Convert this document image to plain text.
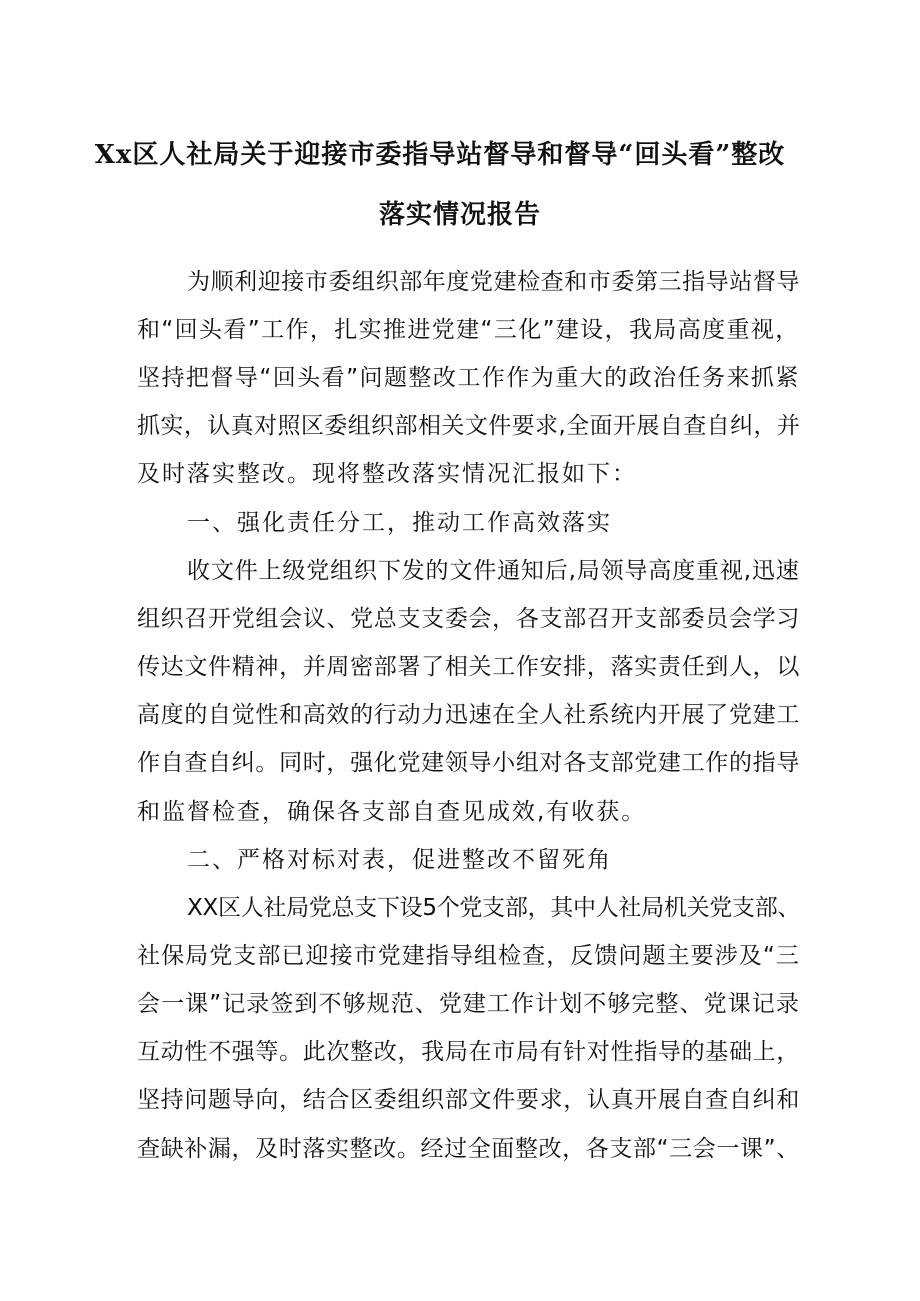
Xx区人社局关于迎接市委指导站督导和督导“回头看”整改
落实情况报告
为顺利迎接市委组织部年度党建检查和市委第三指导站督导
和“回头看”工作，扎实推进党建“三化”建设，我局高度重视，
坚持把督导“回头看”问题整改工作作为重大的政治任务来抓紧
抓实，认真对照区委组织部相关文件要求,全面开展自查自纠，并
及时落实整改。现将整改落实情况汇报如下：
一、强化责任分工，推动工作高效落实
收文件上级党组织下发的文件通知后,局领导高度重视,迅速
组织召开党组会议、党总支支委会，各支部召开支部委员会学习
传达文件精神，并周密部署了相关工作安排，落实责任到人，以
高度的自觉性和高效的行动力迅速在全人社系统内开展了党建工
作自查自纠。同时，强化党建领导小组对各支部党建工作的指导
和监督检查，确保各支部自查见成效,有收获。
二、严格对标对表，促进整改不留死角
XX区人社局党总支下设5个党支部，其中人社局机关党支部、
社保局党支部已迎接市党建指导组检查，反馈问题主要涉及“三
会一课”记录签到不够规范、党建工作计划不够完整、党课记录
互动性不强等。此次整改，我局在市局有针对性指导的基础上，
坚持问题导向，结合区委组织部文件要求，认真开展自查自纠和
查缺补漏，及时落实整改。经过全面整改，各支部“三会一课”、
